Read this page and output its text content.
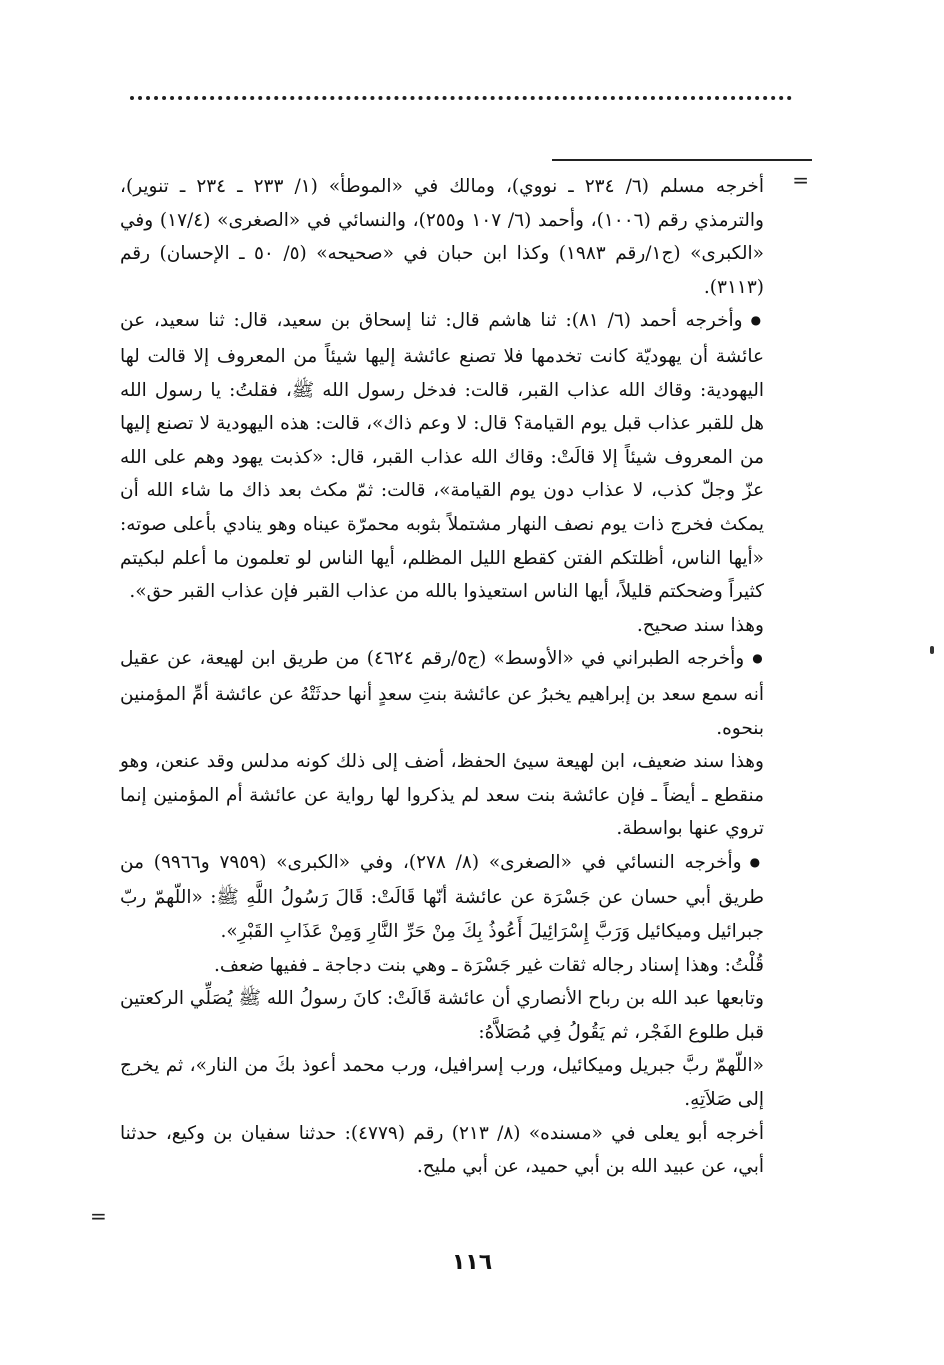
=

أخرجه مسلم (٦/ ٢٣٤ ـ نووي)، ومالك في «الموطأ» (١/ ٢٣٣ ـ ٢٣٤ ـ تنوير)، والترمذي رقم (١٠٠٦)، وأحمد (٦/ ١٠٧ و٢٥٥)، والنسائي في «الصغرى» (١٧/٤) وفي «الكبرى» (ج١/رقم ١٩٨٣) وكذا ابن حبان في «صحيحه» (٥/ ٥٠ ـ الإحسان) رقم (٣١١٣).

● وأخرجه أحمد (٦/ ٨١): ثنا هاشم قال: ثنا إسحاق بن سعيد، قال: ثنا سعيد، عن عائشة أن يهوديّة كانت تخدمها فلا تصنع عائشة إليها شيئاً من المعروف إلا قالت لها اليهودية: وقاك الله عذاب القبر، قالت: فدخل رسول الله ﷺ، فقلتُ: يا رسول الله هل للقبر عذاب قبل يوم القيامة؟ قال: لا وعم ذاك»، قالت: هذه اليهودية لا تصنع إليها من المعروف شيئاً إلا قالَتْ: وقاك الله عذاب القبر، قال: «كذبت يهود وهم على الله عزّ وجلّ كذب، لا عذاب دون يوم القيامة»، قالت: ثمّ مكث بعد ذاك ما شاء الله أن يمكث فخرج ذات يوم نصف النهار مشتملاً بثوبه محمرّة عيناه وهو ينادي بأعلى صوته: «أيها الناس، أظلتكم الفتن كقطع الليل المظلم، أيها الناس لو تعلمون ما أعلم لبكيتم كثيراً وضحكتم قليلاً، أيها الناس استعيذوا بالله من عذاب القبر فإن عذاب القبر حق».

وهذا سند صحيح.

● وأخرجه الطبراني في «الأوسط» (ج٥/رقم ٤٦٢٤) من طريق ابن لهيعة، عن عقيل أنه سمع سعد بن إبراهيم يخبرُ عن عائشة بنتِ سعدٍ أنها حدثَتْهُ عن عائشة أمِّ المؤمنين بنحوه.

وهذا سند ضعيف، ابن لهيعة سيئ الحفظ، أضف إلى ذلك كونه مدلس وقد عنعن، وهو منقطع ـ أيضاً ـ فإن عائشة بنت سعد لم يذكروا لها رواية عن عائشة أم المؤمنين إنما تروي عنها بواسطة.

● وأخرجه النسائي في «الصغرى» (٨/ ٢٧٨)، وفي «الكبرى» (٧٩٥٩ و٩٩٦٦) من طريق أبي حسان عن جَسْرَة عن عائشة أنّها قَالَتْ: قَالَ رَسُولُ اللَّهِ ﷺ: «اللّهمّ ربّ جبرائيل وميكائيل وَرَبَّ إِسْرَائِيلَ أَعُوذُ بِكَ مِنْ حَرِّ النَّارِ وَمِنْ عَذَابِ القَبْرِ».

قُلْتُ: وهذا إسناد رجاله ثقات غير جَسْرَة ـ وهي بنت دجاجة ـ ففيها ضعف.

وتابعها عبد الله بن رباح الأنصاري أن عائشة قَالَتْ: كانَ رسولُ الله ﷺ يُصَلِّي الركعتين قبل طلوع الفَجْر، ثم يَقُولُ فِي مُصَلاَّهُ:

«اللّهمّ ربَّ جبريل وميكائيل، ورب إسرافيل، ورب محمد أعوذ بكَ من النار»، ثم يخرج إلى صَلاَتِهِ.

أخرجه أبو يعلى في «مسنده» (٨/ ٢١٣) رقم (٤٧٧٩): حدثنا سفيان بن وكيع، حدثنا أبي، عن عبيد الله بن أبي حميد، عن أبي مليح.

=
١١٦
